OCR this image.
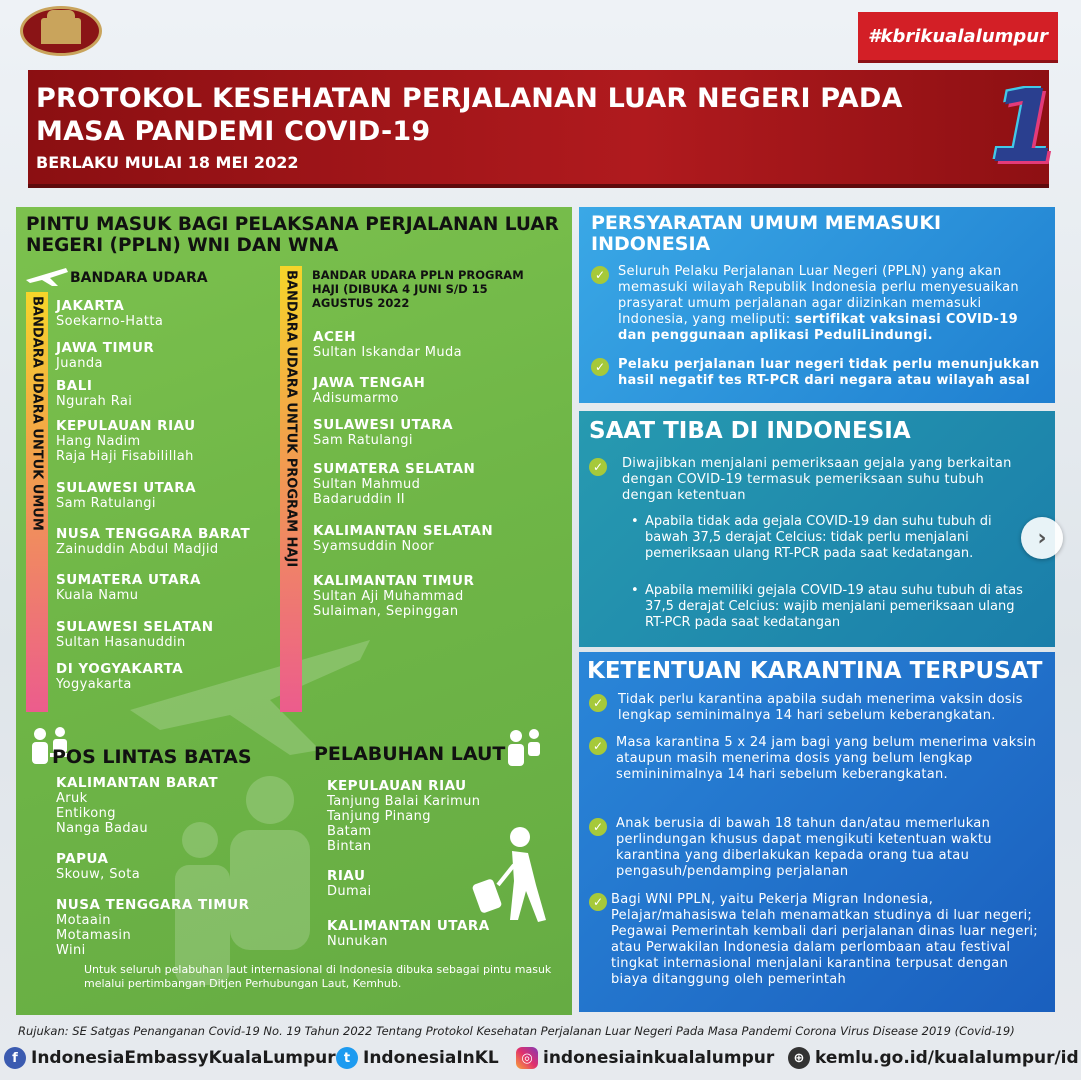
#kbrikualalumpur
PROTOKOL KESEHATAN PERJALANAN LUAR NEGERI PADA MASA PANDEMI COVID-19
BERLAKU MULAI 18 MEI 2022	1
PINTU MASUK BAGI PELAKSANA PERJALANAN LUAR NEGERI (PPLN) WNI DAN WNA
BANDARA UDARA UNTUK UMUM	BANDARA UDARA UNTUK PROGRAM HAJI
BANDARA UDARA	BANDAR UDARA PPLN PROGRAM HAJI (DIBUKA 4 JUNI S/D 15 AGUSTUS 2022
JAKARTA
Soekarno-Hatta
JAWA TIMUR
Juanda
BALI
Ngurah Rai
KEPULAUAN RIAU
Hang Nadim
Raja Haji Fisabilillah
SULAWESI UTARA
Sam Ratulangi
NUSA TENGGARA BARAT
Zainuddin Abdul Madjid
SUMATERA UTARA
Kuala Namu
SULAWESI SELATAN
Sultan Hasanuddin
DI YOGYAKARTA
Yogyakarta
ACEH
Sultan Iskandar Muda
JAWA TENGAH
Adisumarmo
SULAWESI UTARA
Sam Ratulangi
SUMATERA SELATAN
Sultan Mahmud
Badaruddin II
KALIMANTAN SELATAN
Syamsuddin Noor
KALIMANTAN TIMUR
Sultan Aji Muhammad
Sulaiman, Sepinggan
POS LINTAS BATAS	PELABUHAN LAUT
KALIMANTAN BARAT
Aruk
Entikong
Nanga Badau
PAPUA
Skouw, Sota
NUSA TENGGARA TIMUR
Motaain
Motamasin
Wini
KEPULAUAN RIAU
Tanjung Balai Karimun
Tanjung Pinang
Batam
Bintan
RIAU
Dumai
KALIMANTAN UTARA
Nunukan
Untuk seluruh pelabuhan laut internasional di Indonesia dibuka sebagai pintu masuk melalui pertimbangan Ditjen Perhubungan Laut, Kemhub.
PERSYARATAN UMUM MEMASUKI INDONESIA
✓ Seluruh Pelaku Perjalanan Luar Negeri (PPLN) yang akan memasuki wilayah Republik Indonesia perlu menyesuaikan prasyarat umum perjalanan agar diizinkan memasuki Indonesia, yang meliputi: sertifikat vaksinasi COVID-19 dan penggunaan aplikasi PeduliLindungi.
✓ Pelaku perjalanan luar negeri tidak perlu menunjukkan hasil negatif tes RT-PCR dari negara atau wilayah asal
SAAT TIBA DI INDONESIA
✓	Diwajibkan menjalani pemeriksaan gejala yang berkaitan dengan COVID-19 termasuk pemeriksaan suhu tubuh dengan ketentuan
• Apabila tidak ada gejala COVID-19 dan suhu tubuh di bawah 37,5 derajat Celcius: tidak perlu menjalani pemeriksaan ulang RT-PCR pada saat kedatangan.
• Apabila memiliki gejala COVID-19 atau suhu tubuh di atas 37,5 derajat Celcius: wajib menjalani pemeriksaan ulang RT-PCR pada saat kedatangan
›
KETENTUAN KARANTINA TERPUSAT
✓	Tidak perlu karantina apabila sudah menerima vaksin dosis lengkap seminimalnya 14 hari sebelum keberangkatan.
✓ Masa karantina 5 x 24 jam bagi yang belum menerima vaksin ataupun masih menerima dosis yang belum lengkap semininimalnya 14 hari sebelum keberangkatan.
✓ Anak berusia di bawah 18 tahun dan/atau memerlukan perlindungan khusus dapat mengikuti ketentuan waktu karantina yang diberlakukan kepada orang tua atau pengasuh/pendamping perjalanan
✓ Bagi WNI PPLN, yaitu Pekerja Migran Indonesia, Pelajar/mahasiswa telah menamatkan studinya di luar negeri; Pegawai Pemerintah kembali dari perjalanan dinas luar negeri; atau Perwakilan Indonesia dalam perlombaan atau festival tingkat internasional menjalani karantina terpusat dengan biaya ditanggung oleh pemerintah
Rujukan: SE Satgas Penanganan Covid-19 No. 19 Tahun 2022 Tentang Protokol Kesehatan Perjalanan Luar Negeri Pada Masa Pandemi Corona Virus Disease 2019 (Covid-19)
f IndonesiaEmbassyKualaLumpur t IndonesiaInKL	◎ indonesiainkualalumpur	⊕ kemlu.go.id/kualalumpur/id
